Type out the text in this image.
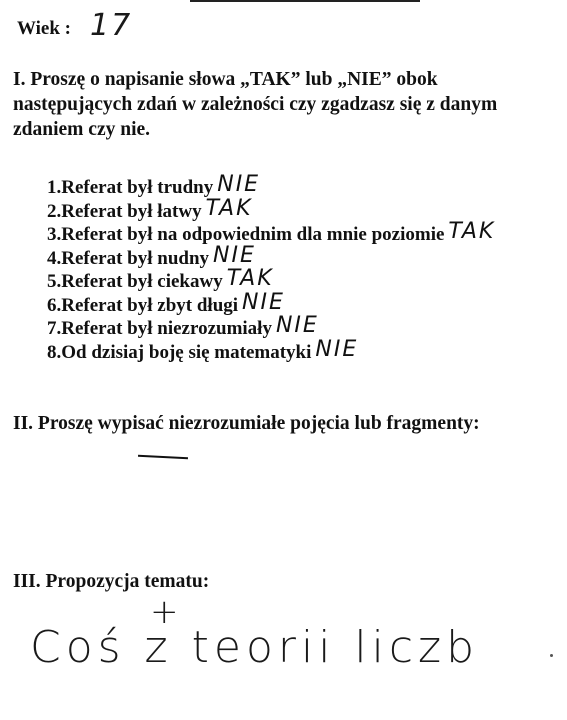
Wiek : 17
I. Proszę o napisanie słowa „TAK” lub „NIE” obok następujących zdań w zależności czy zgadzasz się z danym zdaniem czy nie.
1.Referat był trudny NIE
2.Referat był łatwy TAK
3.Referat był na odpowiednim dla mnie poziomie TAK
4.Referat był nudny NIE
5.Referat był ciekawy TAK
6.Referat był zbyt długi NIE
7.Referat był niezrozumiały NIE
8.Od dzisiaj boję się matematyki NIE
II. Proszę wypisać niezrozumiałe pojęcia lub fragmenty:
III. Propozycja tematu:
+
Coś z teorii liczb
